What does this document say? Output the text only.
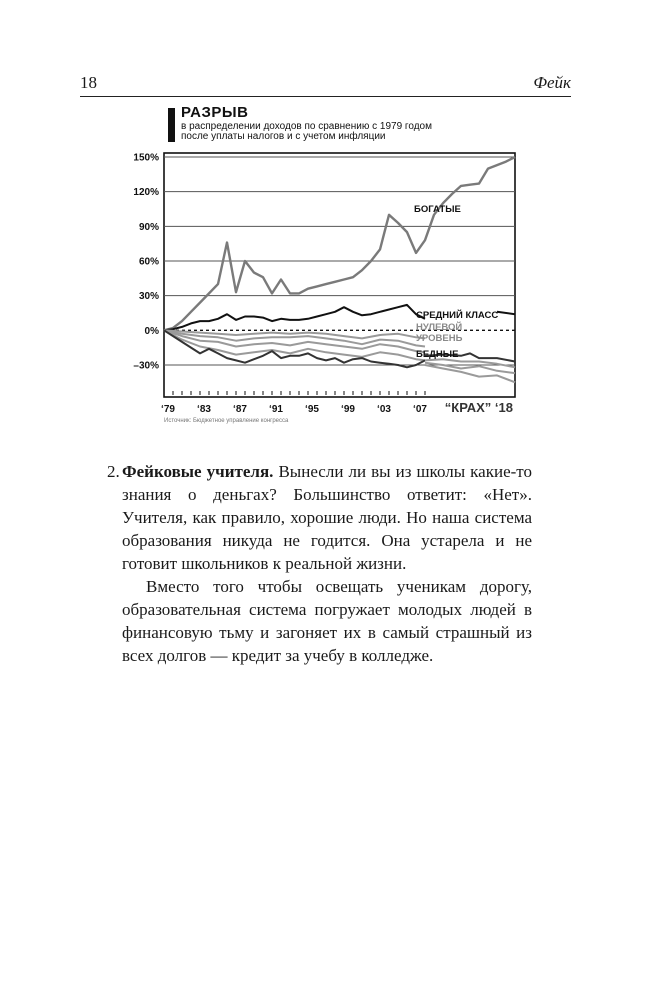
18	Фейк
РАЗРЫВ
в распределении доходов по сравнению с 1979 годом
после уплаты налогов и с учетом инфляции
150%
120%
90%
60%
30%
0%
–30%
‘79 ‘83 ‘87 ‘91 ‘95 ‘99 ‘03 ‘07
БОГАТЫЕ
СРЕДНИЙ КЛАСС
НУЛЕВОЙ
УРОВЕНЬ
БЕДНЫЕ
“КРАХ” ‘18
Источник: Бюджетное управление конгресса

2. Фейковые учителя. Вынесли ли вы из школы какие-то знания о деньгах? Большинство ответит: «Нет». Учителя, как правило, хорошие люди. Но наша система образования никуда не годится. Она устарела и не готовит школьников к реальной жизни.

Вместо того чтобы освещать ученикам дорогу, образовательная система погружает молодых людей в финансовую тьму и загоняет их в самый страшный из всех долгов — кредит за учебу в колледже.
